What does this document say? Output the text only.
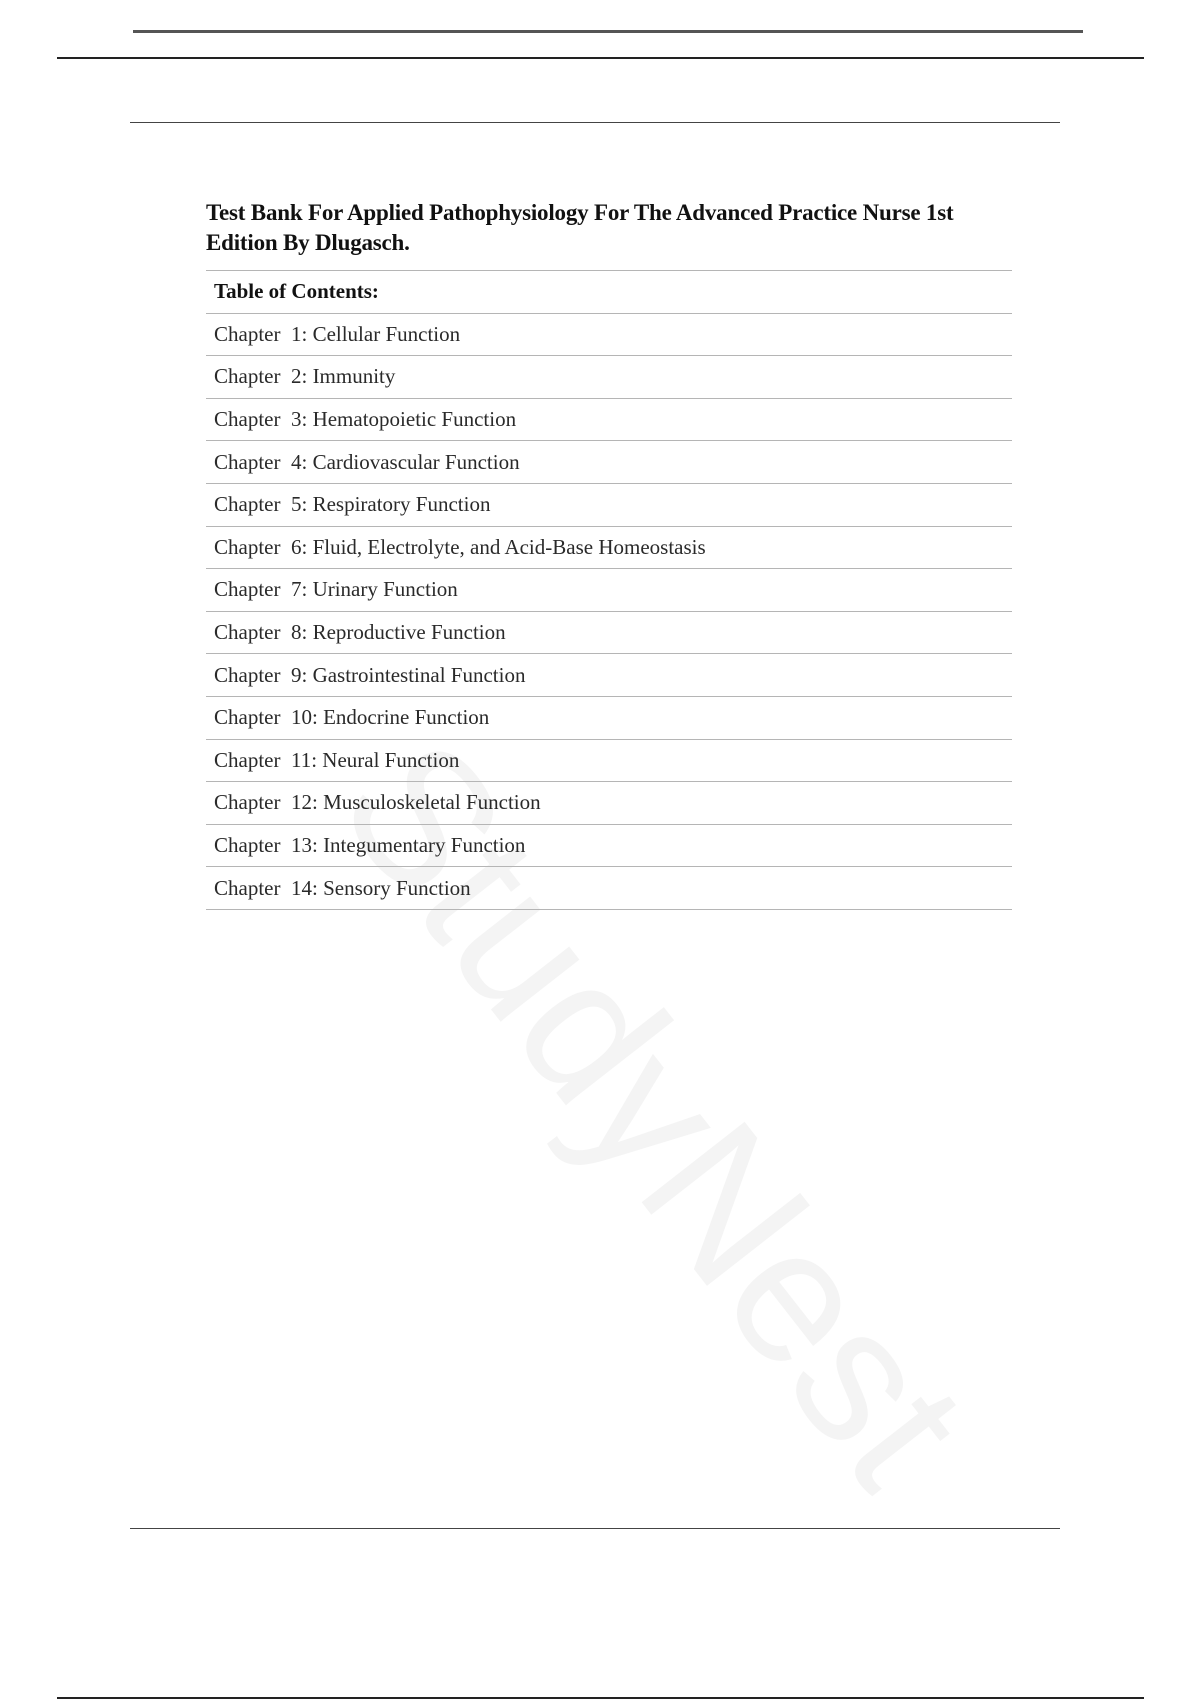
Test Bank For Applied Pathophysiology For The Advanced Practice Nurse 1st Edition By Dlugasch.
Table of Contents:
Chapter  1: Cellular Function
Chapter  2: Immunity
Chapter  3: Hematopoietic Function
Chapter  4: Cardiovascular Function
Chapter  5: Respiratory Function
Chapter  6: Fluid, Electrolyte, and Acid-Base Homeostasis
Chapter  7: Urinary Function
Chapter  8: Reproductive Function
Chapter  9: Gastrointestinal Function
Chapter  10: Endocrine Function
Chapter  11: Neural Function
Chapter  12: Musculoskeletal Function
Chapter  13: Integumentary Function
Chapter  14: Sensory Function
